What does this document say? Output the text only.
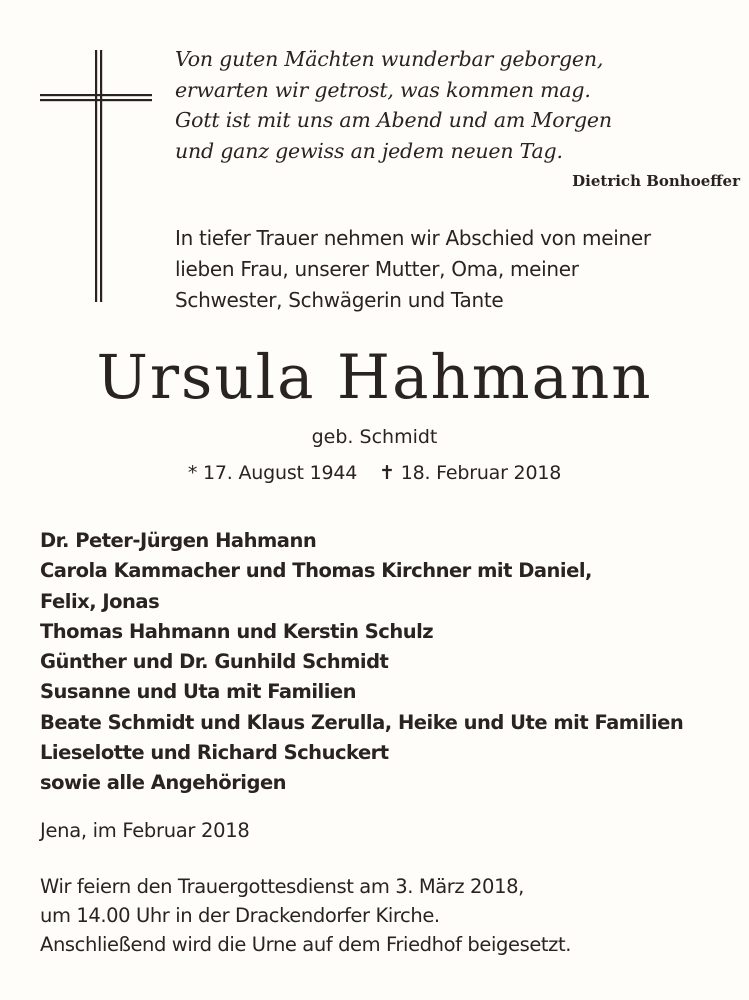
Von guten Mächten wunderbar geborgen,
erwarten wir getrost, was kommen mag.
Gott ist mit uns am Abend und am Morgen
und ganz gewiss an jedem neuen Tag.
Dietrich Bonhoeffer
In tiefer Trauer nehmen wir Abschied von meiner
lieben Frau, unserer Mutter, Oma, meiner
Schwester, Schwägerin und Tante
Ursula Hahmann
geb. Schmidt
* 17. August 1944 ✝ 18. Februar 2018
Dr. Peter-Jürgen Hahmann
Carola Kammacher und Thomas Kirchner mit Daniel,
Felix, Jonas
Thomas Hahmann und Kerstin Schulz
Günther und Dr. Gunhild Schmidt
Susanne und Uta mit Familien
Beate Schmidt und Klaus Zerulla, Heike und Ute mit Familien
Lieselotte und Richard Schuckert
sowie alle Angehörigen
Jena, im Februar 2018
Wir feiern den Trauergottesdienst am 3. März 2018,
um 14.00 Uhr in der Drackendorfer Kirche.
Anschließend wird die Urne auf dem Friedhof beigesetzt.
